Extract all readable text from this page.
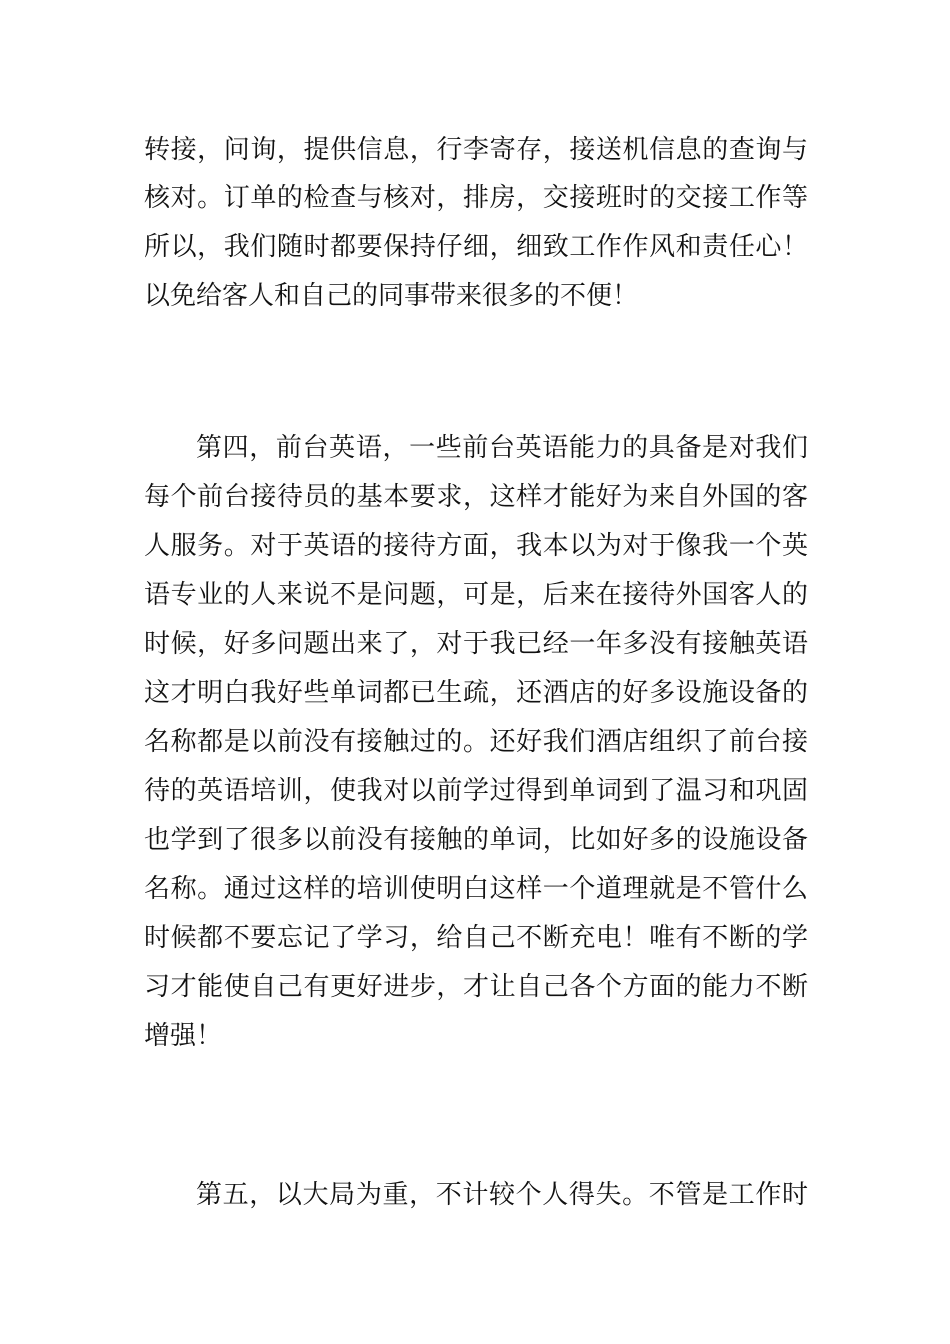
转接，问询，提供信息，行李寄存，接送机信息的查询与
核对。订单的检查与核对，排房，交接班时的交接工作等
所以，我们随时都要保持仔细，细致工作作风和责任心！
以免给客人和自己的同事带来很多的不便！
第四，前台英语，一些前台英语能力的具备是对我们
每个前台接待员的基本要求，这样才能好为来自外国的客
人服务。对于英语的接待方面，我本以为对于像我一个英
语专业的人来说不是问题，可是，后来在接待外国客人的
时候，好多问题出来了，对于我已经一年多没有接触英语
这才明白我好些单词都已生疏，还酒店的好多设施设备的
名称都是以前没有接触过的。还好我们酒店组织了前台接
待的英语培训，使我对以前学过得到单词到了温习和巩固
也学到了很多以前没有接触的单词，比如好多的设施设备
名称。通过这样的培训使明白这样一个道理就是不管什么
时候都不要忘记了学习，给自己不断充电！唯有不断的学
习才能使自己有更好进步，才让自己各个方面的能力不断
增强！
第五，以大局为重，不计较个人得失。不管是工作时
